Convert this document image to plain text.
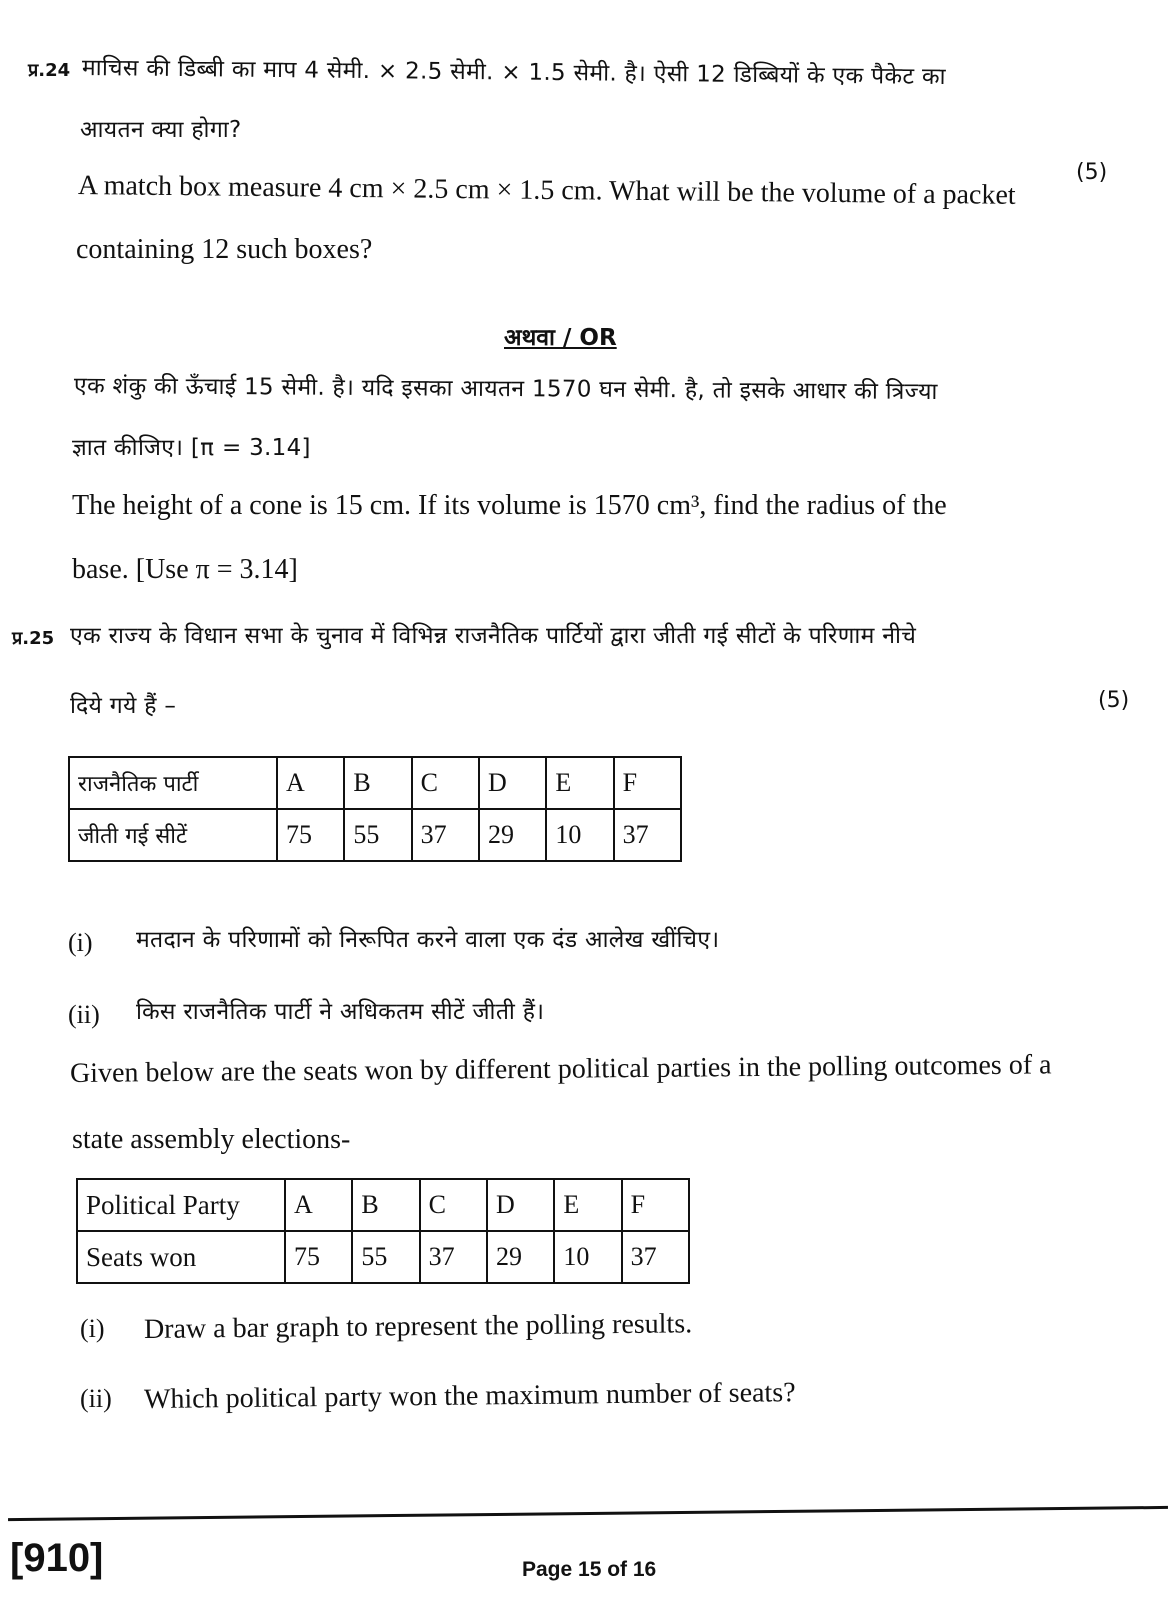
प्र.24 माचिस की डिब्बी का माप 4 सेमी. × 2.5 सेमी. × 1.5 सेमी. है। ऐसी 12 डिब्बियों के एक पैकेट का
आयतन क्या होगा?
(5)
A match box measure 4 cm × 2.5 cm × 1.5 cm. What will be the volume of a packet
containing 12 such boxes?
अथवा / OR
एक शंकु की ऊँचाई 15 सेमी. है। यदि इसका आयतन 1570 घन सेमी. है, तो इसके आधार की त्रिज्या
ज्ञात कीजिए। [π = 3.14]
The height of a cone is 15 cm. If its volume is 1570 cm³, find the radius of the
base. [Use π = 3.14]
प्र.25 एक राज्य के विधान सभा के चुनाव में विभिन्न राजनैतिक पार्टियों द्वारा जीती गई सीटों के परिणाम नीचे
दिये गये हैं –	(5)
राजनैतिक पार्टी	A	B	C	D	E	F
जीती गई सीटें	75	55	37	29	10	37
(i) मतदान के परिणामों को निरूपित करने वाला एक दंड आलेख खींचिए।
(ii) किस राजनैतिक पार्टी ने अधिकतम सीटें जीती हैं।
Given below are the seats won by different political parties in the polling outcomes of a
state assembly elections-
Political Party	A	B	C	D	E	F
Seats won	75	55	37	29	10	37
(i) Draw a bar graph to represent the polling results.
(ii) Which political party won the maximum number of seats?
[910]	Page 15 of 16
